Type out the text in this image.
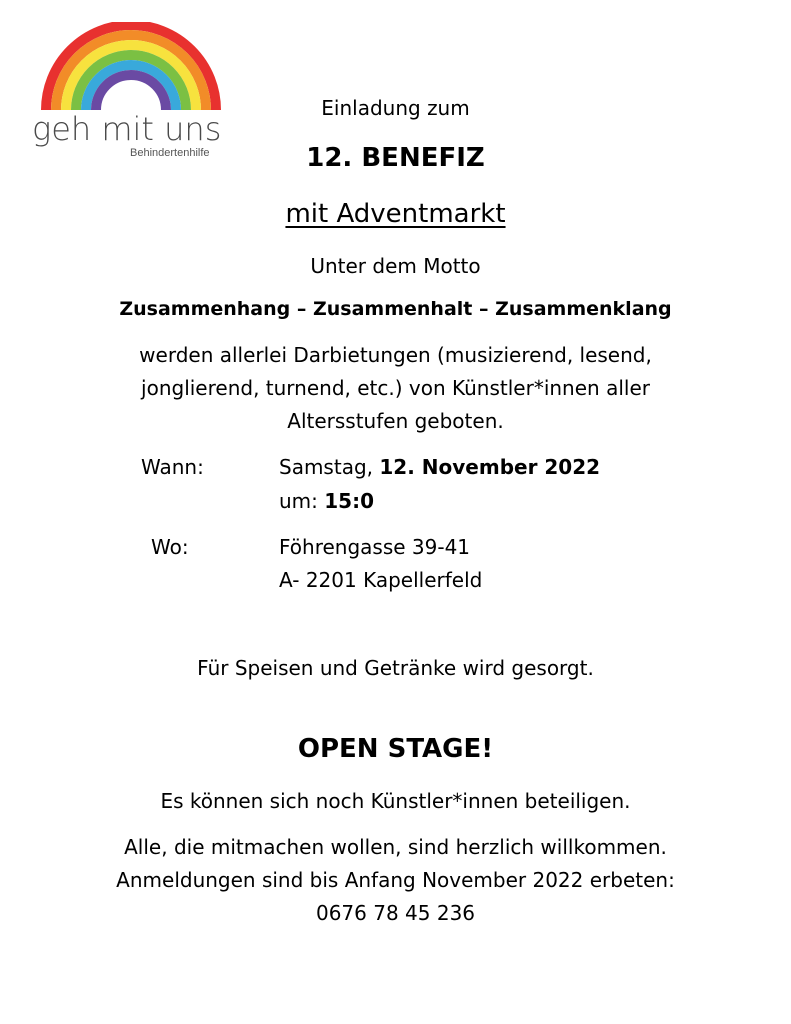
geh mit uns
Behindertenhilfe
Einladung zum
12. BENEFIZ
mit Adventmarkt
Unter dem Motto
Zusammenhang – Zusammenhalt – Zusammenklang
werden allerlei Darbietungen (musizierend, lesend,
jonglierend, turnend, etc.) von Künstler*innen aller
Altersstufen geboten.
Wann:	Samstag, 12. November 2022
um: 15:0
Wo:	Föhrengasse 39-41
A- 2201 Kapellerfeld
Für Speisen und Getränke wird gesorgt.
OPEN STAGE!
Es können sich noch Künstler*innen beteiligen.
Alle, die mitmachen wollen, sind herzlich willkommen.
Anmeldungen sind bis Anfang November 2022 erbeten:
0676 78 45 236
